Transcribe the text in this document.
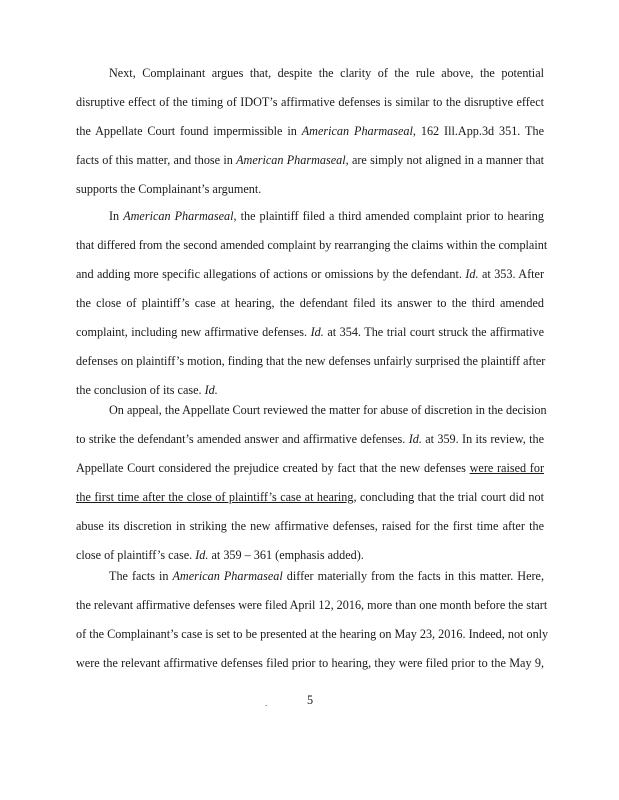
Next, Complainant argues that, despite the clarity of the rule above, the potential
disruptive effect of the timing of IDOT’s affirmative defenses is similar to the disruptive effect
the Appellate Court found impermissible in American Pharmaseal, 162 Ill.App.3d 351. The
facts of this matter, and those in American Pharmaseal, are simply not aligned in a manner that
supports the Complainant’s argument.
In American Pharmaseal, the plaintiff filed a third amended complaint prior to hearing
that differed from the second amended complaint by rearranging the claims within the complaint
and adding more specific allegations of actions or omissions by the defendant. Id. at 353. After
the close of plaintiff’s case at hearing, the defendant filed its answer to the third amended
complaint, including new affirmative defenses. Id. at 354. The trial court struck the affirmative
defenses on plaintiff’s motion, finding that the new defenses unfairly surprised the plaintiff after
the conclusion of its case. Id.
On appeal, the Appellate Court reviewed the matter for abuse of discretion in the decision
to strike the defendant’s amended answer and affirmative defenses. Id. at 359. In its review, the
Appellate Court considered the prejudice created by fact that the new defenses were raised for
the first time after the close of plaintiff’s case at hearing, concluding that the trial court did not
abuse its discretion in striking the new affirmative defenses, raised for the first time after the
close of plaintiff’s case. Id. at 359 – 361 (emphasis added).
The facts in American Pharmaseal differ materially from the facts in this matter. Here,
the relevant affirmative defenses were filed April 12, 2016, more than one month before the start
of the Complainant’s case is set to be presented at the hearing on May 23, 2016. Indeed, not only
were the relevant affirmative defenses filed prior to hearing, they were filed prior to the May 9,
.	5
